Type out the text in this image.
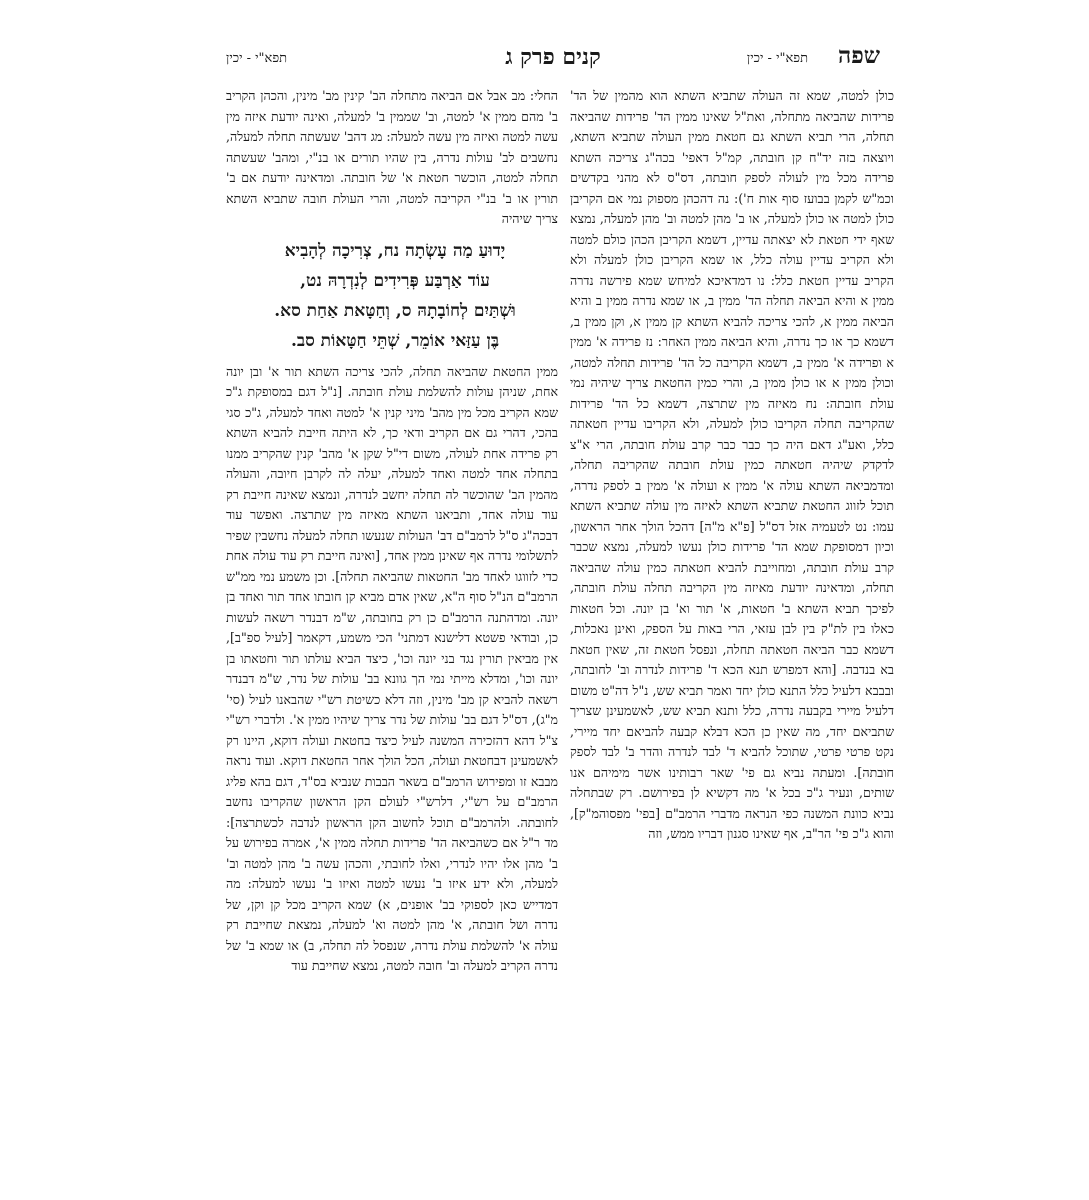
שפה
תפא"י - יכין
קנים פרק ג
תפא"י - יכין

כולן למטה, שמא זה העולה שתביא השתא הוא מהמין של הד' פרידות שהביאה מתחלה, ואת"ל שאינו ממין הד' פרידות שהביאה תחלה, הרי תביא השתא גם חטאת ממין העולה שתביא השתא, ויוצאה בזה יד"ח קן חובתה, קמ"ל דאפי' בכה"ג צריכה השתא פרידה מכל מין לעולה לספק חובתה, דס"ס לא מהני בקדשים וכמ"ש לקמן בבועז סוף אות ח'): נה דהכהן מספוק נמי אם הקריבן כולן למטה או כולן למעלה, או ב' מהן למטה וב' מהן למעלה, נמצא שאף ידי חטאת לא יצאתה עדיין, דשמא הקריבן הכהן כולם למטה ולא הקריב עדיין עולה כלל, או שמא הקריבן כולן למעלה ולא הקריב עדיין חטאת כלל: נו דמדאיכא למיחש שמא פירשה נדרה ממין א והיא הביאה תחלה הד' ממין ב, או שמא נדרה ממין ב והיא הביאה ממין א, להכי צריכה להביא השתא קן ממין א, וקן ממין ב, דשמא כך או כך נדרה, והיא הביאה ממין האחר: נז פרידה א' ממין א ופרידה א' ממין ב, דשמא הקריבה כל הד' פרידות תחלה למטה, וכולן ממין א או כולן ממין ב, והרי כמין החטאת צריך שיהיה נמי עולת חובתה: נח מאיזה מין שתרצה, דשמא כל הד' פרידות שהקריבה תחלה הקריבו כולן למעלה, ולא הקריבו עדיין חטאתה כלל, ואע"ג דאם היה כך כבר כבר קרב עולת חובתה, הרי א"צ לדקדק שיהיה חטאתה כמין עולת חובתה שהקריבה תחלה, ומדמביאה השתא עולה א' ממין א ועולה א' ממין ב לספק נדרה, תוכל לזווג החטאת שתביא השתא לאיזה מין עולה שתביא השתא עמו: נט לטעמיה אזל דס"ל [פ"א מ"ה] דהכל הולך אחר הראשון, וכיון דמסופקת שמא הד' פרידות כולן נעשו למעלה, נמצא שכבר קרב עולת חובתה, ומחוייבת להביא חטאתה כמין עולה שהביאה תחלה, ומדאינה יודעת מאיזה מין הקריבה תחלה עולת חובתה, לפיכך תביא השתא ב' חטאות, א' תור וא' בן יונה. וכל חטאות כאלו בין לת"ק בין לבן עזאי, הרי באות על הספק, ואינן נאכלות, דשמא כבר הביאה חטאתה תחלה, ונפסל חטאת זה, שאין חטאת בא בנדבה. [והא דמפרש תנא הכא ד' פרידות לנדרה וב' לחובתה, ובבבא דלעיל כלל התנא כולן יחד ואמר תביא שש, נ"ל דה"ט משום דלעיל מיירי בקבעה נדרה, כלל ותנא תביא שש, לאשמעינן שצריך שתביאם יחד, מה שאין כן הכא דבלא קבעה להביאם יחד מיירי, נקט פרטי פרטי, שתוכל להביא ד' לבד לנדרה והדר ב' לבד לספק חובתה]. ומעתה נביא גם פי' שאר רבותינו אשר מימיהם אנו שותים, ונעיר ג"כ בכל א' מה דקשיא לן בפירושם. רק שבתחלה נביא כוונת המשנה כפי הנראה מדברי הרמב"ם [בפי' מפסוהמ"ק], והוא ג"כ פי' הר"ב, אף שאינו סגנון דבריו ממש, וזה

החלי: מב אבל אם הביאה מתחלה הב' קינין מב' מינין, והכהן הקריב ב' מהם ממין א' למטה, וב' שממין ב' למעלה, ואינה יודעת איזה מין עשה למטה ואיזה מין עשה למעלה: מג דהב' שעשתה תחלה למעלה, נחשבים לב' עולות נדרה, בין שהיו תורים או בנ"י, ומהב' שעשתה תחלה למטה, הוכשר חטאת א' של חובתה. ומדאינה יודעת אם ב' תורין או ב' בנ"י הקריבה למטה, והרי העולת חובה שתביא השתא צריך שיהיה

יָדוּעַ מַה עָשְׂתָה נח, צְרִיכָה לְהָבִיא
עוֹד אַרְבַּע פְּרִידִים לְנִדְרָהּ נט,
וּשְׁתַּיִם לְחוֹבָתָהּ ס, וְחַטָּאת אַחַת סא.
בֶּן עַזַּאי אוֹמֵר, שְׁתֵּי חַטָּאוֹת סב.

ממין החטאת שהביאה תחלה, להכי צריכה השתא תור א' ובן יונה אחת, שניהן עולות להשלמת עולת חובתה. [נ"ל דגם במסופקת ג"כ שמא הקריב מכל מין מהב' מיני קנין א' למטה ואחד למעלה, ג"כ סגי בהכי, דהרי גם אם הקריב ודאי כך, לא היתה חייבת להביא השתא רק פרידה אחת לעולה, משום די"ל שקן א' מהב' קנין שהקריב ממנו בתחלה אחד למטה ואחד למעלה, יעלה לה לקרבן חיובה, והעולה מהמין הב' שהוכשר לה תחלה יחשב לנדרה, ונמצא שאינה חייבת רק עוד עולה אחד, ותביאנו השתא מאיזה מין שתרצה. ואפשר עוד דבכה"ג ס"ל לרמב"ם דב' העולות שנעשו תחלה למעלה נחשבין שפיר לתשלומי נדרה אף שאינן ממין אחד, [ואינה חייבת רק עוד עולה אחת כדי לזווגו לאחד מב' החטאות שהביאה תחלה]. וכן משמע נמי ממ"ש הרמב"ם הנ"ל סוף ה"א, שאין אדם מביא קן חובתו אחד תור ואחד בן יונה. ומדהתנה הרמב"ם כן רק בחובתה, ש"מ דבנדר רשאה לעשות כן, ובודאי פשטא דלישנא דמתני' הכי משמע, דקאמר [לעיל ספ"ב], אין מביאין תורין נגד בני יונה וכו', כיצד הביא עולתו תור וחטאתו בן יונה וכו', ומדלא מייתי נמי הך גוונא בב' עולות של נדר, ש"מ דבנדר רשאה להביא קן מב' מינין, וזה דלא כשיטת רש"י שהבאנו לעיל (סי' מ"ג), דס"ל דגם בב' עולות של נדר צריך שיהיו ממין א'. ולדברי רש"י צ"ל דהא דהזכירה המשנה לעיל כיצד בחטאת ועולה דוקא, היינו רק לאשמעינן דבחטאת ועולה, הכל הולך אחר החטאת דוקא. ועוד נראה מבבא זו ומפירוש הרמב"ם בשאר הבבות שנביא בס"ד, דגם בהא פליג הרמב"ם על רש"י, דלרש"י לעולם הקן הראשון שהקריבו נחשב לחובתה. ולהרמב"ם תוכל לחשוב הקן הראשון לנדבה לכשתרצה]: מד ר"ל אם כשהביאה הד' פרידות תחלה ממין א', אמרה בפירוש על ב' מהן אלו יהיו לנדרי, ואלו לחובתי, והכהן עשה ב' מהן למטה וב' למעלה, ולא ידע איזו ב' נעשו למטה ואיזו ב' נעשו למעלה: מה דמדייש כאן לספוקי בב' אופנים, א) שמא הקריב מכל קן וקן, של נדרה ושל חובתה, א' מהן למטה וא' למעלה, נמצאת שחייבת רק עולה א' להשלמת עולת נדרה, שנפסל לה תחלה, ב) או שמא ב' של נדרה הקריב למעלה וב' חובה למטה, נמצא שחייבת עוד
